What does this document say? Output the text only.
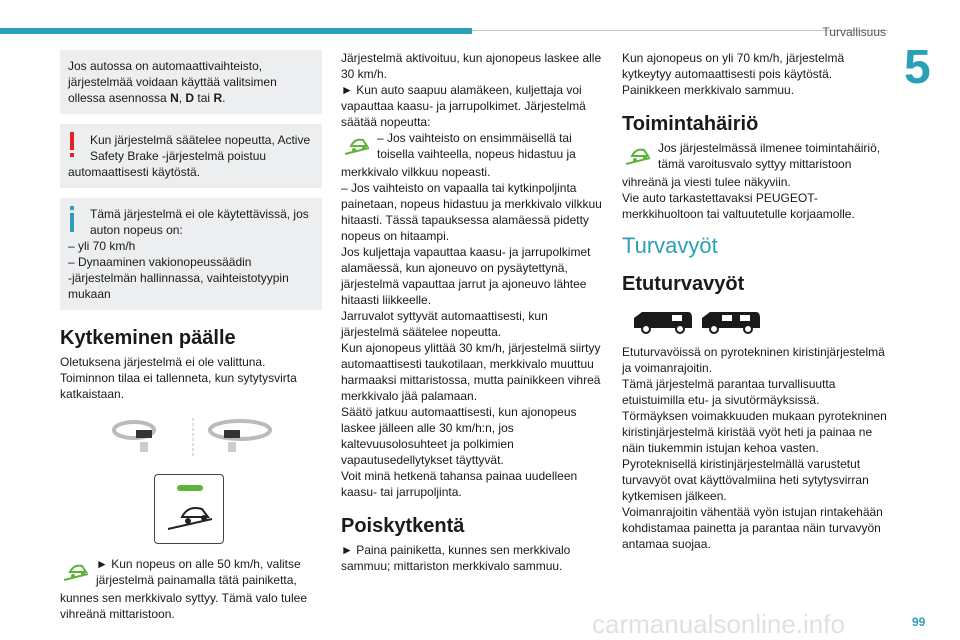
Turvallisuus
5

Jos autossa on automaattivaihteisto, järjestelmää voidaan käyttää valitsimen ollessa asennossa N, D tai R.

Kun järjestelmä säätelee nopeutta, Active

Safety Brake -järjestelmä poistuu

automaattisesti käytöstä.

Tämä järjestelmä ei ole käytettävissä, jos

auton nopeus on:

– yli 70 km/h

– Dynaaminen vakionopeussäädin

-järjestelmän hallinnassa, vaihteistotyypin

mukaan

Kytkeminen päälle

Oletuksena järjestelmä ei ole valittuna.

Toiminnon tilaa ei tallenneta, kun sytytysvirta katkaistaan.

► Kun nopeus on alle 50 km/h, valitse

järjestelmä painamalla tätä painiketta,

kunnes sen merkkivalo syttyy. Tämä valo tulee vihreänä mittaristoon.

Järjestelmä aktivoituu, kun ajonopeus laskee alle 30 km/h.

► Kun auto saapuu alamäkeen, kuljettaja voi vapauttaa kaasu- ja jarrupolkimet. Järjestelmä säätää nopeutta:

– Jos vaihteisto on ensimmäisellä tai

toisella vaihteella, nopeus hidastuu ja

merkkivalo vilkkuu nopeasti.

– Jos vaihteisto on vapaalla tai kytkinpoljinta painetaan, nopeus hidastuu ja merkkivalo vilkkuu hitaasti. Tässä tapauksessa alamäessä pidetty nopeus on hitaampi.

Jos kuljettaja vapauttaa kaasu- ja jarrupolkimet alamäessä, kun ajoneuvo on pysäytettynä, järjestelmä vapauttaa jarrut ja ajoneuvo lähtee hitaasti liikkeelle.

Jarruvalot syttyvät automaattisesti, kun järjestelmä säätelee nopeutta.

Kun ajonopeus ylittää 30 km/h, järjestelmä siirtyy automaattisesti taukotilaan, merkkivalo muuttuu harmaaksi mittaristossa, mutta painikkeen vihreä merkkivalo jää palamaan.

Säätö jatkuu automaattisesti, kun ajonopeus laskee jälleen alle 30 km/h:n, jos kaltevuusolosuhteet ja polkimien vapautusedellytykset täyttyvät.

Voit minä hetkenä tahansa painaa uudelleen kaasu- tai jarrupoljinta.

Poiskytkentä

► Paina painiketta, kunnes sen merkkivalo sammuu; mittariston merkkivalo sammuu.

Kun ajonopeus on yli 70 km/h, järjestelmä kytkeytyy automaattisesti pois käytöstä. Painikkeen merkkivalo sammuu.

Toimintahäiriö

Jos järjestelmässä ilmenee toimintahäiriö,

tämä varoitusvalo syttyy mittaristoon

vihreänä ja viesti tulee näkyviin.

Vie auto tarkastettavaksi PEUGEOT-merkkihuoltoon tai valtuutetulle korjaamolle.

Turvavyöt
Etuturvavyöt

Etuturvavöissä on pyrotekninen kiristinjärjestelmä ja voimanrajoitin.

Tämä järjestelmä parantaa turvallisuutta etuistuimilla etu- ja sivutörmäyksissä.

Törmäyksen voimakkuuden mukaan pyrotekninen kiristinjärjestelmä kiristää vyöt heti ja painaa ne näin tiukemmin istujan kehoa vasten.

Pyroteknisellä kiristinjärjestelmällä varustetut turvavyöt ovat käyttövalmiina heti sytytysvirran kytkemisen jälkeen.

Voimanrajoitin vähentää vyön istujan rintakehään kohdistamaa painetta ja parantaa näin turvavyön antamaa suojaa.

carmanualsonline.info	99
